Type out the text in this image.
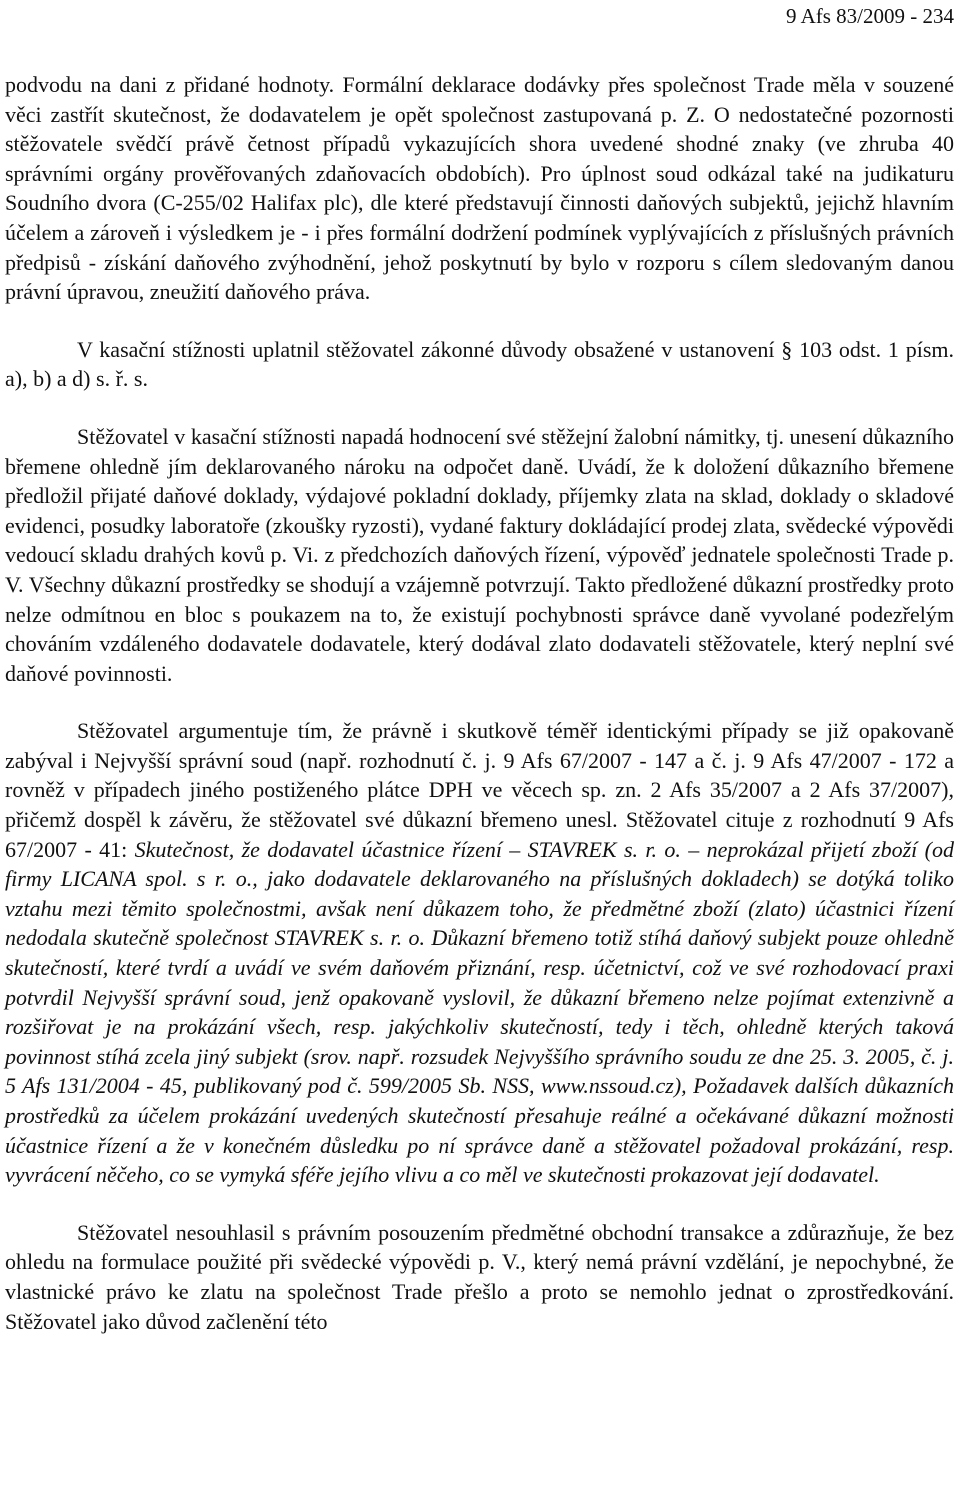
9 Afs 83/2009 - 234

podvodu na dani z přidané hodnoty. Formální deklarace dodávky přes společnost Trade měla v souzené věci zastřít skutečnost, že dodavatelem je opět společnost zastupovaná p. Z. O nedostatečné pozornosti stěžovatele svědčí právě četnost případů vykazujících shora uvedené shodné znaky (ve zhruba 40 správními orgány prověřovaných zdaňovacích obdobích). Pro úplnost soud odkázal také na judikaturu Soudního dvora (C-255/02 Halifax plc), dle které představují činnosti daňových subjektů, jejichž hlavním účelem a zároveň i výsledkem je - i přes formální dodržení podmínek vyplývajících z příslušných právních předpisů - získání daňového zvýhodnění, jehož poskytnutí by bylo v rozporu s cílem sledovaným danou právní úpravou, zneužití daňového práva.

V kasační stížnosti uplatnil stěžovatel zákonné důvody obsažené v ustanovení § 103 odst. 1 písm. a), b) a d) s. ř. s.

Stěžovatel v kasační stížnosti napadá hodnocení své stěžejní žalobní námitky, tj. unesení důkazního břemene ohledně jím deklarovaného nároku na odpočet daně. Uvádí, že k doložení důkazního břemene předložil přijaté daňové doklady, výdajové pokladní doklady, příjemky zlata na sklad, doklady o skladové evidenci, posudky laboratoře (zkoušky ryzosti), vydané faktury dokládající prodej zlata, svědecké výpovědi vedoucí skladu drahých kovů p. Vi. z předchozích daňových řízení, výpověď jednatele společnosti Trade p. V. Všechny důkazní prostředky se shodují a vzájemně potvrzují. Takto předložené důkazní prostředky proto nelze odmítnou en bloc s poukazem na to, že existují pochybnosti správce daně vyvolané podezřelým chováním vzdáleného dodavatele dodavatele, který dodával zlato dodavateli stěžovatele, který neplní své daňové povinnosti.

Stěžovatel argumentuje tím, že právně i skutkově téměř identickými případy se již opakovaně zabýval i Nejvyšší správní soud (např. rozhodnutí č. j. 9 Afs 67/2007 - 147 a č. j. 9 Afs 47/2007 - 172 a rovněž v případech jiného postiženého plátce DPH ve věcech sp. zn. 2 Afs 35/2007 a 2 Afs 37/2007), přičemž dospěl k závěru, že stěžovatel své důkazní břemeno unesl. Stěžovatel cituje z rozhodnutí 9 Afs 67/2007 - 41: Skutečnost, že dodavatel účastnice řízení – STAVREK s. r. o. – neprokázal přijetí zboží (od firmy LICANA spol. s r. o., jako dodavatele deklarovaného na příslušných dokladech) se dotýká toliko vztahu mezi těmito společnostmi, avšak není důkazem toho, že předmětné zboží (zlato) účastnici řízení nedodala skutečně společnost STAVREK s. r. o. Důkazní břemeno totiž stíhá daňový subjekt pouze ohledně skutečností, které tvrdí a uvádí ve svém daňovém přiznání, resp. účetnictví, což ve své rozhodovací praxi potvrdil Nejvyšší správní soud, jenž opakovaně vyslovil, že důkazní břemeno nelze pojímat extenzivně a rozšiřovat je na prokázání všech, resp. jakýchkoliv skutečností, tedy i těch, ohledně kterých taková povinnost stíhá zcela jiný subjekt (srov. např. rozsudek Nejvyššího správního soudu ze dne 25. 3. 2005, č. j. 5 Afs 131/2004 - 45, publikovaný pod č. 599/2005 Sb. NSS, www.nssoud.cz), Požadavek dalších důkazních prostředků za účelem prokázání uvedených skutečností přesahuje reálné a očekávané důkazní možnosti účastnice řízení a že v konečném důsledku po ní správce daně a stěžovatel požadoval prokázání, resp. vyvrácení něčeho, co se vymyká sféře jejího vlivu a co měl ve skutečnosti prokazovat její dodavatel.

Stěžovatel nesouhlasil s právním posouzením předmětné obchodní transakce a zdůrazňuje, že bez ohledu na formulace použité při svědecké výpovědi p. V., který nemá právní vzdělání, je nepochybné, že vlastnické právo ke zlatu na společnost Trade přešlo a proto se nemohlo jednat o zprostředkování. Stěžovatel jako důvod začlenění této
